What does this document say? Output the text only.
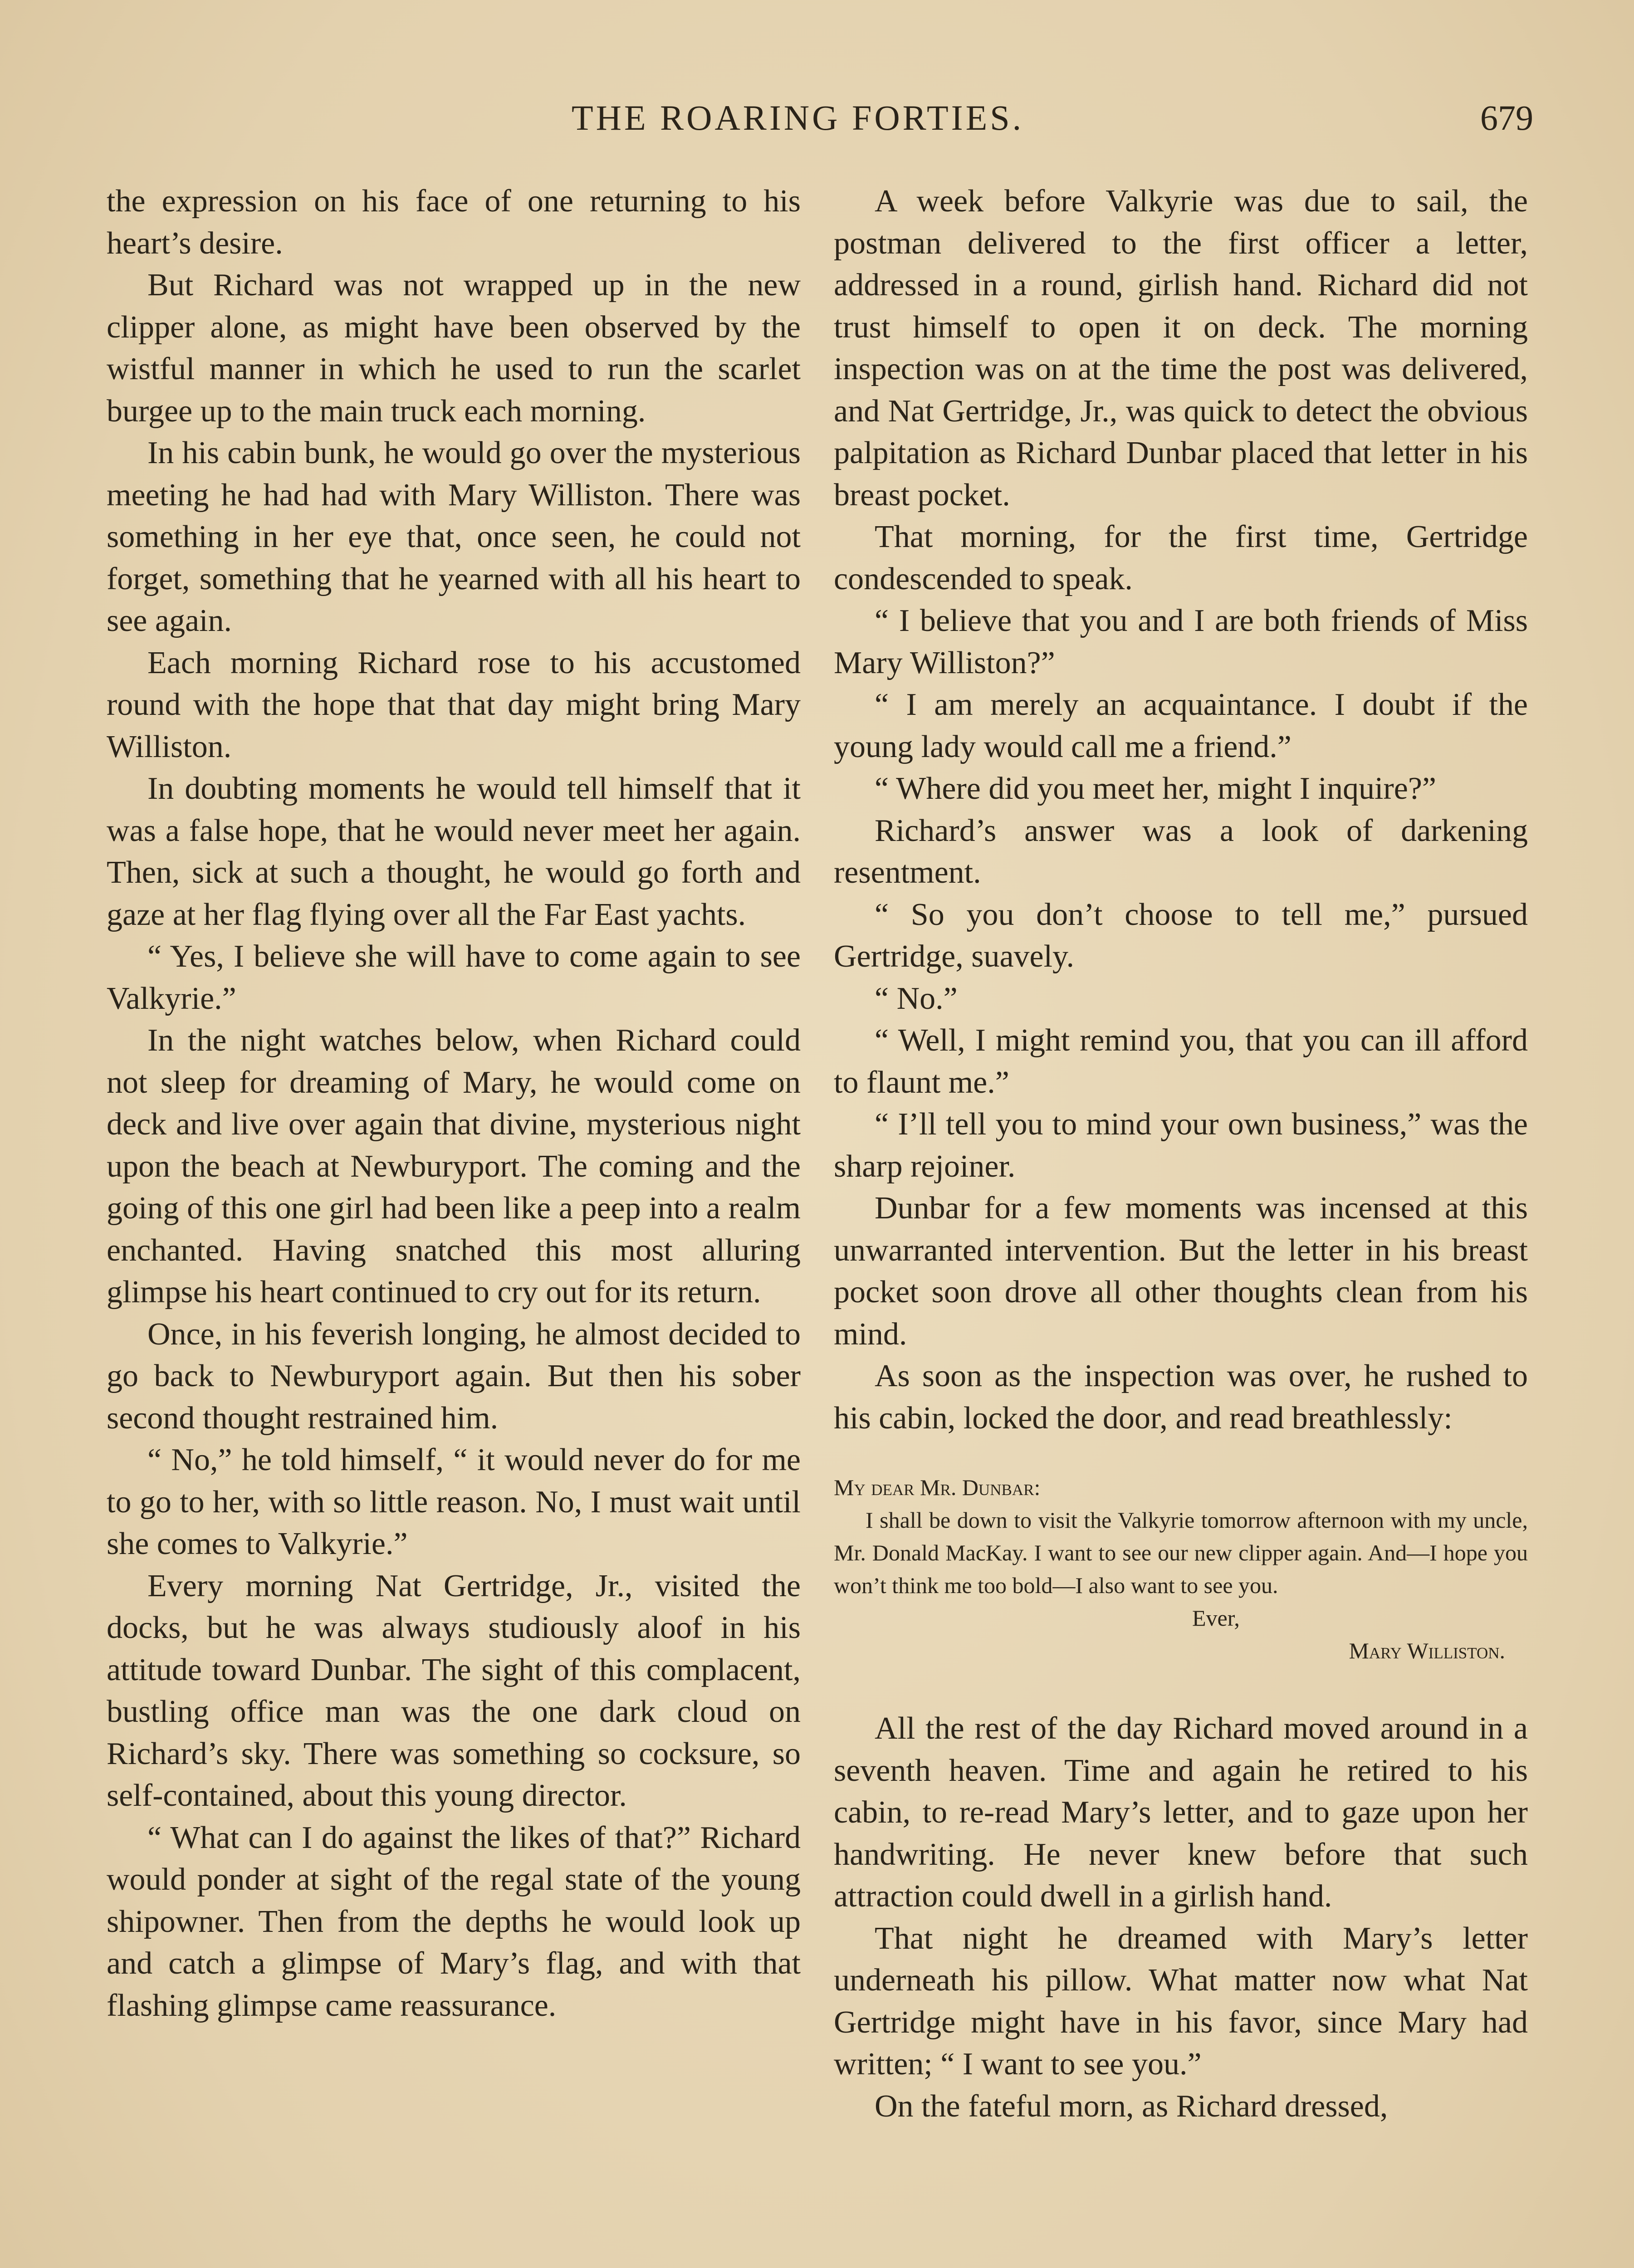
THE ROARING FORTIES.	679

the expression on his face of one returning to his heart’s desire.

But Richard was not wrapped up in the new clipper alone, as might have been observed by the wistful manner in which he used to run the scarlet burgee up to the main truck each morning.

In his cabin bunk, he would go over the mysterious meeting he had had with Mary Williston. There was something in her eye that, once seen, he could not forget, something that he yearned with all his heart to see again.

Each morning Richard rose to his accustomed round with the hope that that day might bring Mary Williston.

In doubting moments he would tell himself that it was a false hope, that he would never meet her again. Then, sick at such a thought, he would go forth and gaze at her flag flying over all the Far East yachts.

“ Yes, I believe she will have to come again to see Valkyrie.”

In the night watches below, when Richard could not sleep for dreaming of Mary, he would come on deck and live over again that divine, mysterious night upon the beach at Newburyport. The coming and the going of this one girl had been like a peep into a realm enchanted. Having snatched this most alluring glimpse his heart continued to cry out for its return.

Once, in his feverish longing, he almost decided to go back to Newburyport again. But then his sober second thought restrained him.

“ No,” he told himself, “ it would never do for me to go to her, with so little reason. No, I must wait until she comes to Valkyrie.”

Every morning Nat Gertridge, Jr., visited the docks, but he was always studiously aloof in his attitude toward Dunbar. The sight of this complacent, bustling office man was the one dark cloud on Richard’s sky. There was something so cocksure, so self-contained, about this young director.

“ What can I do against the likes of that?” Richard would ponder at sight of the regal state of the young shipowner. Then from the depths he would look up and catch a glimpse of Mary’s flag, and with that flashing glimpse came reassurance.

A week before Valkyrie was due to sail, the postman delivered to the first officer a letter, addressed in a round, girlish hand. Richard did not trust himself to open it on deck. The morning inspection was on at the time the post was delivered, and Nat Gertridge, Jr., was quick to detect the obvious palpitation as Richard Dunbar placed that letter in his breast pocket.

That morning, for the first time, Gertridge condescended to speak.

“ I believe that you and I are both friends of Miss Mary Williston?”

“ I am merely an acquaintance. I doubt if the young lady would call me a friend.”

“ Where did you meet her, might I inquire?”

Richard’s answer was a look of darkening resentment.

“ So you don’t choose to tell me,” pursued Gertridge, suavely.

“ No.”

“ Well, I might remind you, that you can ill afford to flaunt me.”

“ I’ll tell you to mind your own business,” was the sharp rejoiner.

Dunbar for a few moments was incensed at this unwarranted intervention. But the letter in his breast pocket soon drove all other thoughts clean from his mind.

As soon as the inspection was over, he rushed to his cabin, locked the door, and read breathlessly:

My dear Mr. Dunbar:

I shall be down to visit the Valkyrie tomorrow afternoon with my uncle, Mr. Donald MacKay. I want to see our new clipper again. And—I hope you won’t think me too bold—I also want to see you.

Ever,

Mary Williston.

All the rest of the day Richard moved around in a seventh heaven. Time and again he retired to his cabin, to re-read Mary’s letter, and to gaze upon her handwriting. He never knew before that such attraction could dwell in a girlish hand.

That night he dreamed with Mary’s letter underneath his pillow. What matter now what Nat Gertridge might have in his favor, since Mary had written; “ I want to see you.”

On the fateful morn, as Richard dressed,
